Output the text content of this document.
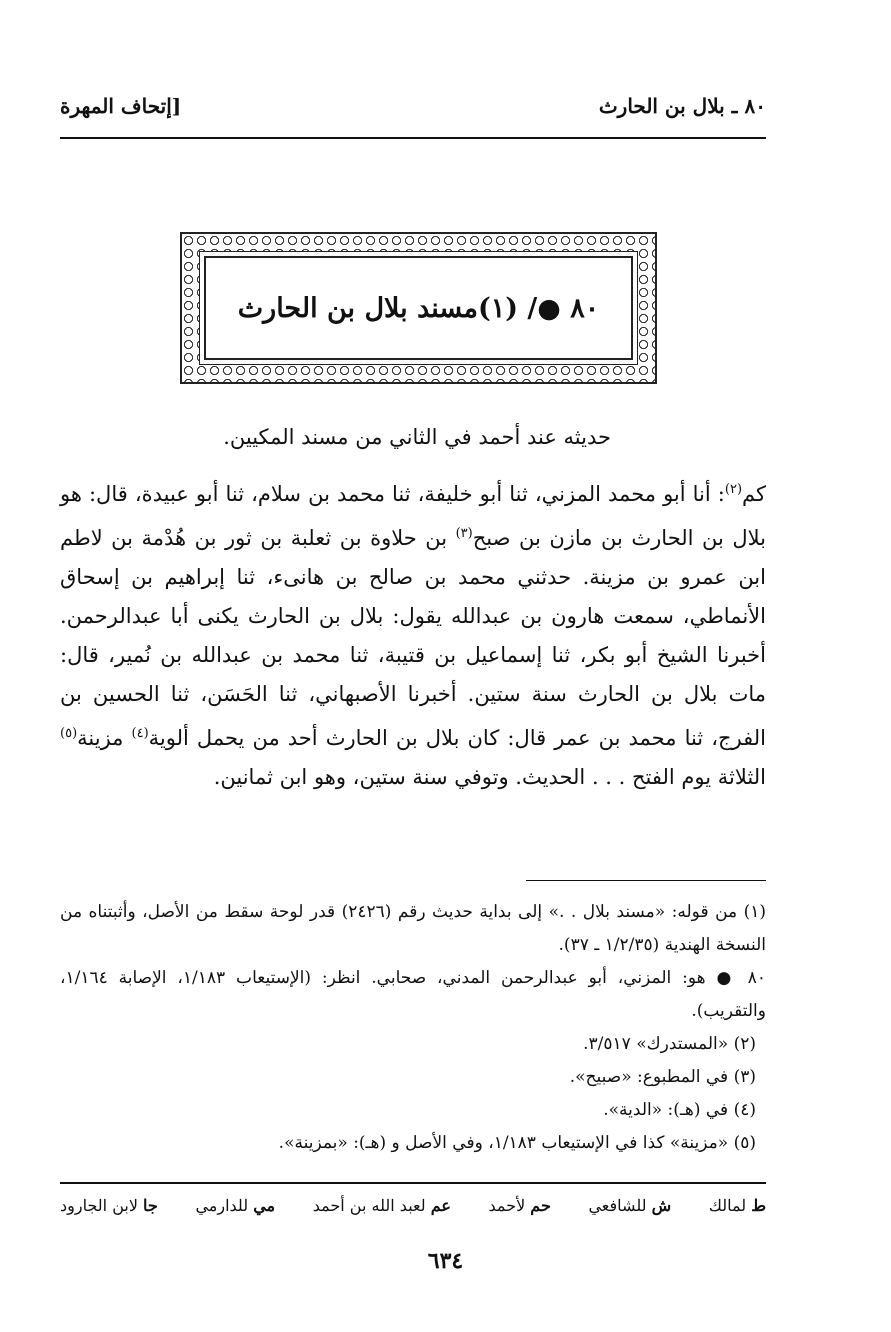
٨٠ ـ بلال بن الحارث
[إتحاف المهرة
٨٠ ●/ (١)مسند بلال بن الحارث
حديثه عند أحمد في الثاني من مسند المكيين.
كم$^{(٢)}$: أنا أبو محمد المزني، ثنا أبو خليفة، ثنا محمد بن سلام، ثنا أبو عبيدة، قال: هو بلال بن الحارث بن مازن بن صبح$^{(٣)}$ بن حلاوة بن ثعلبة بن ثور بن هُدْمة بن لاطم ابن عمرو بن مزينة. حدثني محمد بن صالح بن هانىء، ثنا إبراهيم بن إسحاق الأنماطي، سمعت هارون بن عبدالله يقول: بلال بن الحارث يكنى أبا عبدالرحمن. أخبرنا الشيخ أبو بكر، ثنا إسماعيل بن قتيبة، ثنا محمد بن عبدالله بن نُمير، قال: مات بلال بن الحارث سنة ستين. أخبرنا الأصبهاني، ثنا الحَسَن، ثنا الحسين بن الفرج، ثنا محمد بن عمر قال: كان بلال بن الحارث أحد من يحمل ألوية$^{(٤)}$ مزينة$^{(٥)}$ الثلاثة يوم الفتح . . . الحديث. وتوفي سنة ستين، وهو ابن ثمانين.
(١) من قوله: «مسند بلال . .» إلى بداية حديث رقم (٢٤٢٦) قدر لوحة سقط من الأصل، وأثبتناه من النسخة الهندية (١/٢/٣٥ ـ ٣٧).
٨٠ ● هو: المزني، أبو عبدالرحمن المدني، صحابي. انظر: (الإستيعاب ١/١٨٣، الإصابة ١/١٦٤، والتقريب).
(٢) «المستدرك» ٣/٥١٧.
(٣) في المطبوع: «صبيح».
(٤) في (هـ): «الدية».
(٥) «مزينة» كذا في الإستيعاب ١/١٨٣، وفي الأصل و (هـ): «بمزينة».
ط لمالك
ش للشافعي
حم لأحمد
عم لعبد الله بن أحمد
مي للدارمي
جا لابن الجارود
٦٣٤
